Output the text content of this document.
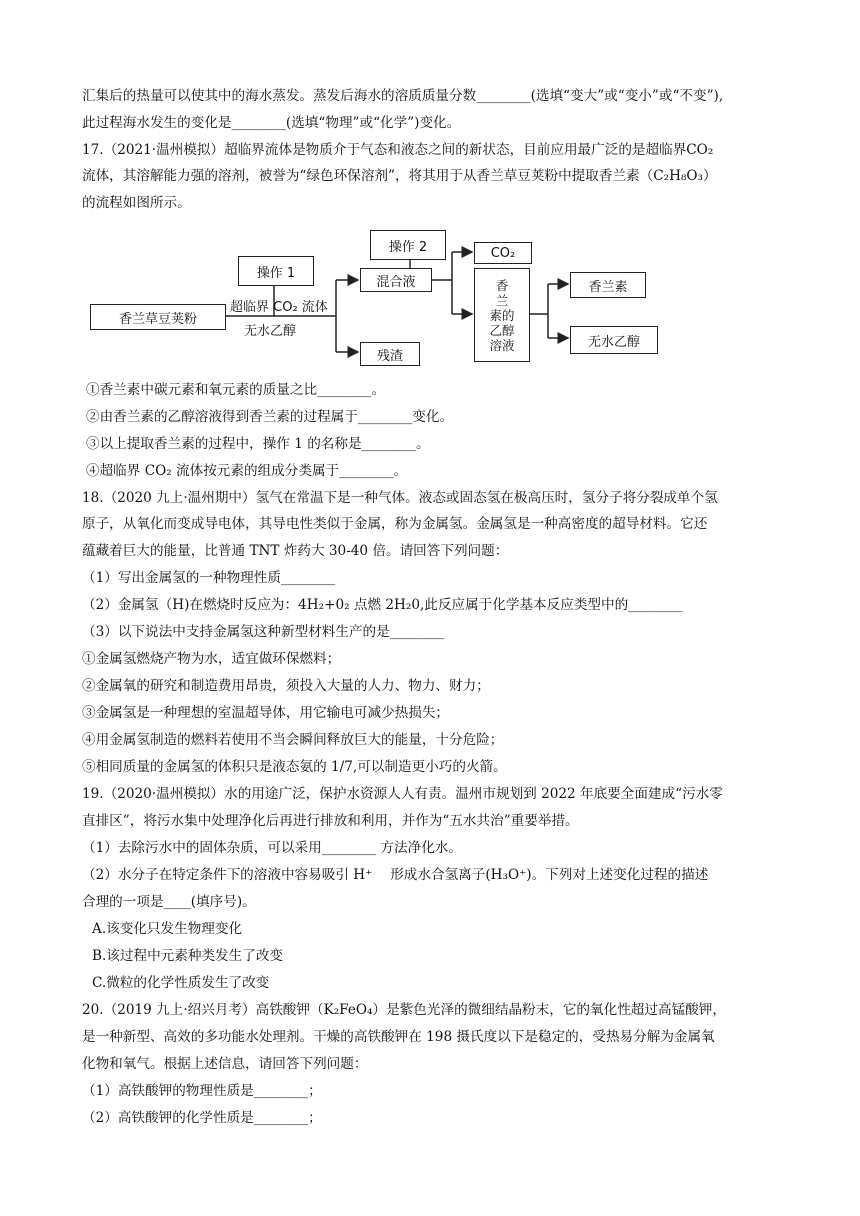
汇集后的热量可以使其中的海水蒸发。蒸发后海水的溶质质量分数________(选填“变大”或“变小”或“不变”),
此过程海水发生的变化是________(选填“物理”或“化学”)变化。
17.（2021·温州模拟）超临界流体是物质介于气态和液态之间的新状态，目前应用最广泛的是超临界CO₂
流体，其溶解能力强的溶剂，被誉为“绿色环保溶剂”，将其用于从香兰草豆荚粉中提取香兰素（C₂H₈O₃）
的流程如图所示。
操作 1
操作 2
香兰草豆荚粉
超临界 CO₂ 流体
无水乙醇
混合液
残渣
CO₂
香
兰
素的
乙醇
溶液
香兰素
无水乙醇
①香兰素中碳元素和氧元素的质量之比________。
②由香兰素的乙醇溶液得到香兰素的过程属于________变化。
③以上提取香兰素的过程中，操作 1 的名称是________。
④超临界 CO₂ 流体按元素的组成分类属于________。
18.（2020 九上·温州期中）氢气在常温下是一种气体。液态或固态氢在极高压时，氢分子将分裂成单个氢
原子，从氧化而变成导电体，其导电性类似于金属，称为金属氢。金属氢是一种高密度的超导材料。它还
蕴藏着巨大的能量，比普通 TNT 炸药大 30-40 倍。请回答下列问题：
（1）写出金属氢的一种物理性质________
（2）金属氢（H)在燃烧时反应为：4H₂+0₂ 点燃 2H₂0,此反应属于化学基本反应类型中的________
（3）以下说法中支持金属氢这种新型材料生产的是________
①金属氢燃烧产物为水，适宜做环保燃料；
②金属氧的研究和制造费用昂贵，须投入大量的人力、物力、财力；
③金属氢是一种理想的室温超导体，用它输电可减少热损失；
④用金属氢制造的燃料若使用不当会瞬间释放巨大的能量，十分危险；
⑤相同质量的金属氢的体积只是液态氨的 1/7,可以制造更小巧的火箭。
19.（2020·温州模拟）水的用途广泛，保护水资源人人有责。温州市规划到 2022 年底要全面建成“污水零
直排区”，将污水集中处理净化后再进行排放和利用，并作为“五水共治”重要举措。
（1）去除污水中的固体杂质，可以采用________ 方法净化水。
（2）水分子在特定条件下的溶液中容易吸引 H⁺　 形成水合氢离子(H₃O⁺)。下列对上述变化过程的描述
合理的一项是____(填序号)。
A.该变化只发生物理变化
B.该过程中元素种类发生了改变
C.微粒的化学性质发生了改变
20.（2019 九上·绍兴月考）高铁酸钾（K₂FeO₄）是紫色光泽的微细结晶粉末，它的氧化性超过高锰酸钾，
是一种新型、高效的多功能水处理剂。干燥的高铁酸钾在 198 摄氏度以下是稳定的，受热易分解为金属氧
化物和氧气。根据上述信息，请回答下列问题：
（1）高铁酸钾的物理性质是________；
（2）高铁酸钾的化学性质是________；
